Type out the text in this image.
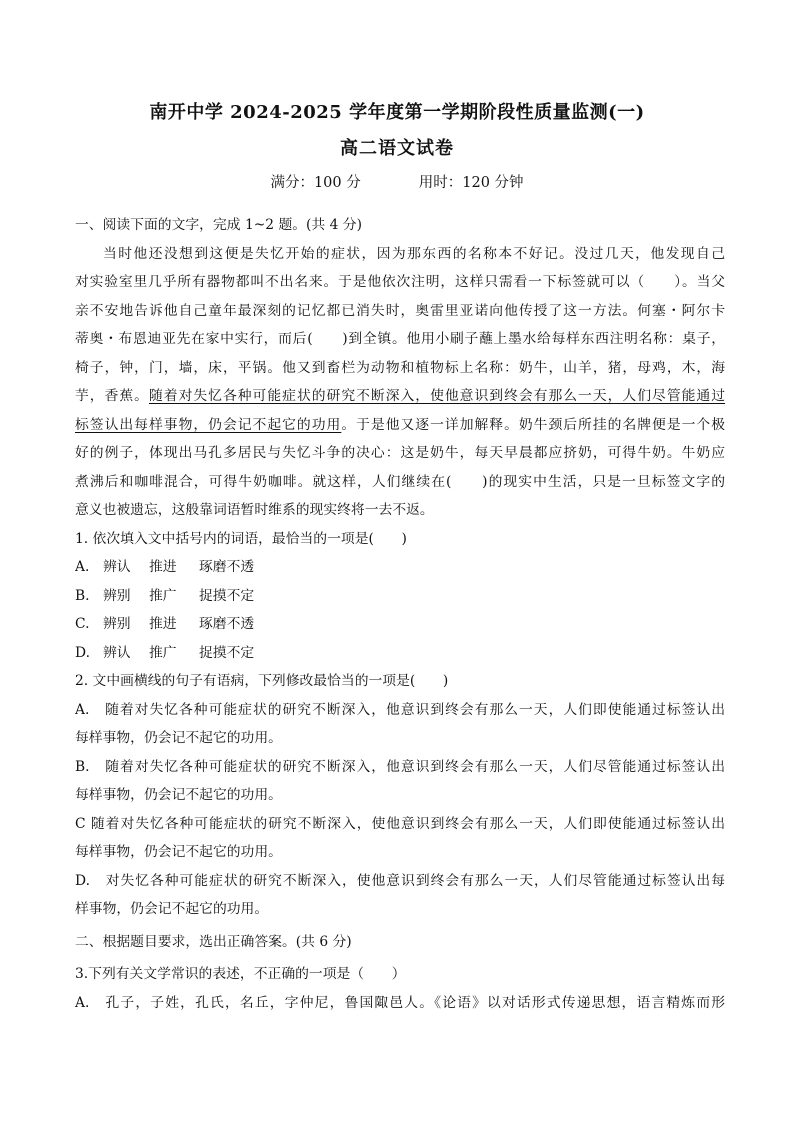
南开中学 2024-2025 学年度第一学期阶段性质量监测(一)
高二语文试卷
满分：100 分	用时：120 分钟
一、阅读下面的文字，完成 1~2 题。(共 4 分)
当时他还没想到这便是失忆开始的症状，因为那东西的名称本不好记。没过几天，他发现自己
对实验室里几乎所有器物都叫不出名来。于是他依次注明，这样只需看一下标签就可以（　　）。当父
亲不安地告诉他自己童年最深刻的记忆都已消失时，奥雷里亚诺向他传授了这一方法。何塞・阿尔卡
蒂奥・布恩迪亚先在家中实行，而后(　　)到全镇。他用小刷子蘸上墨水给每样东西注明名称：桌子，
椅子，钟，门，墙，床，平锅。他又到畜栏为动物和植物标上名称：奶牛，山羊，猪，母鸡，木，海
芋，香蕉。随着对失忆各种可能症状的研究不断深入，使他意识到终会有那么一天，人们尽管能通过
标签认出每样事物，仍会记不起它的功用。于是他又逐一详加解释。奶牛颈后所挂的名牌便是一个极
好的例子，体现出马孔多居民与失忆斗争的决心：这是奶牛，每天早晨都应挤奶，可得牛奶。牛奶应
煮沸后和咖啡混合，可得牛奶咖啡。就这样，人们继续在(　　)的现实中生活，只是一旦标签文字的
意义也被遗忘，这般靠词语暂时维系的现实终将一去不返。
1. 依次填入文中括号内的词语，最恰当的一项是(　　)
A. 辨认 推进 琢磨不透
B. 辨别 推广 捉摸不定
C. 辨别 推进 琢磨不透
D. 辨认 推广 捉摸不定
2. 文中画横线的句子有语病，下列修改最恰当的一项是(　　)
A.　随着对失忆各种可能症状的研究不断深入，他意识到终会有那么一天，人们即使能通过标签认出
每样事物，仍会记不起它的功用。
B.　随着对失忆各种可能症状的研究不断深入，他意识到终会有那么一天，人们尽管能通过标签认出
每样事物，仍会记不起它的功用。
C 随着对失忆各种可能症状的研究不断深入，使他意识到终会有那么一天，人们即使能通过标签认出
每样事物，仍会记不起它的功用。
D.　对失忆各种可能症状的研究不断深入，使他意识到终会有那么一天，人们尽管能通过标签认出每
样事物，仍会记不起它的功用。
二、根据题目要求，选出正确答案。(共 6 分)
3.下列有关文学常识的表述，不正确的一项是（　　）
A.　孔子，子姓，孔氏，名丘，字仲尼，鲁国陬邑人。《论语》以对话形式传递思想，语言精炼而形
